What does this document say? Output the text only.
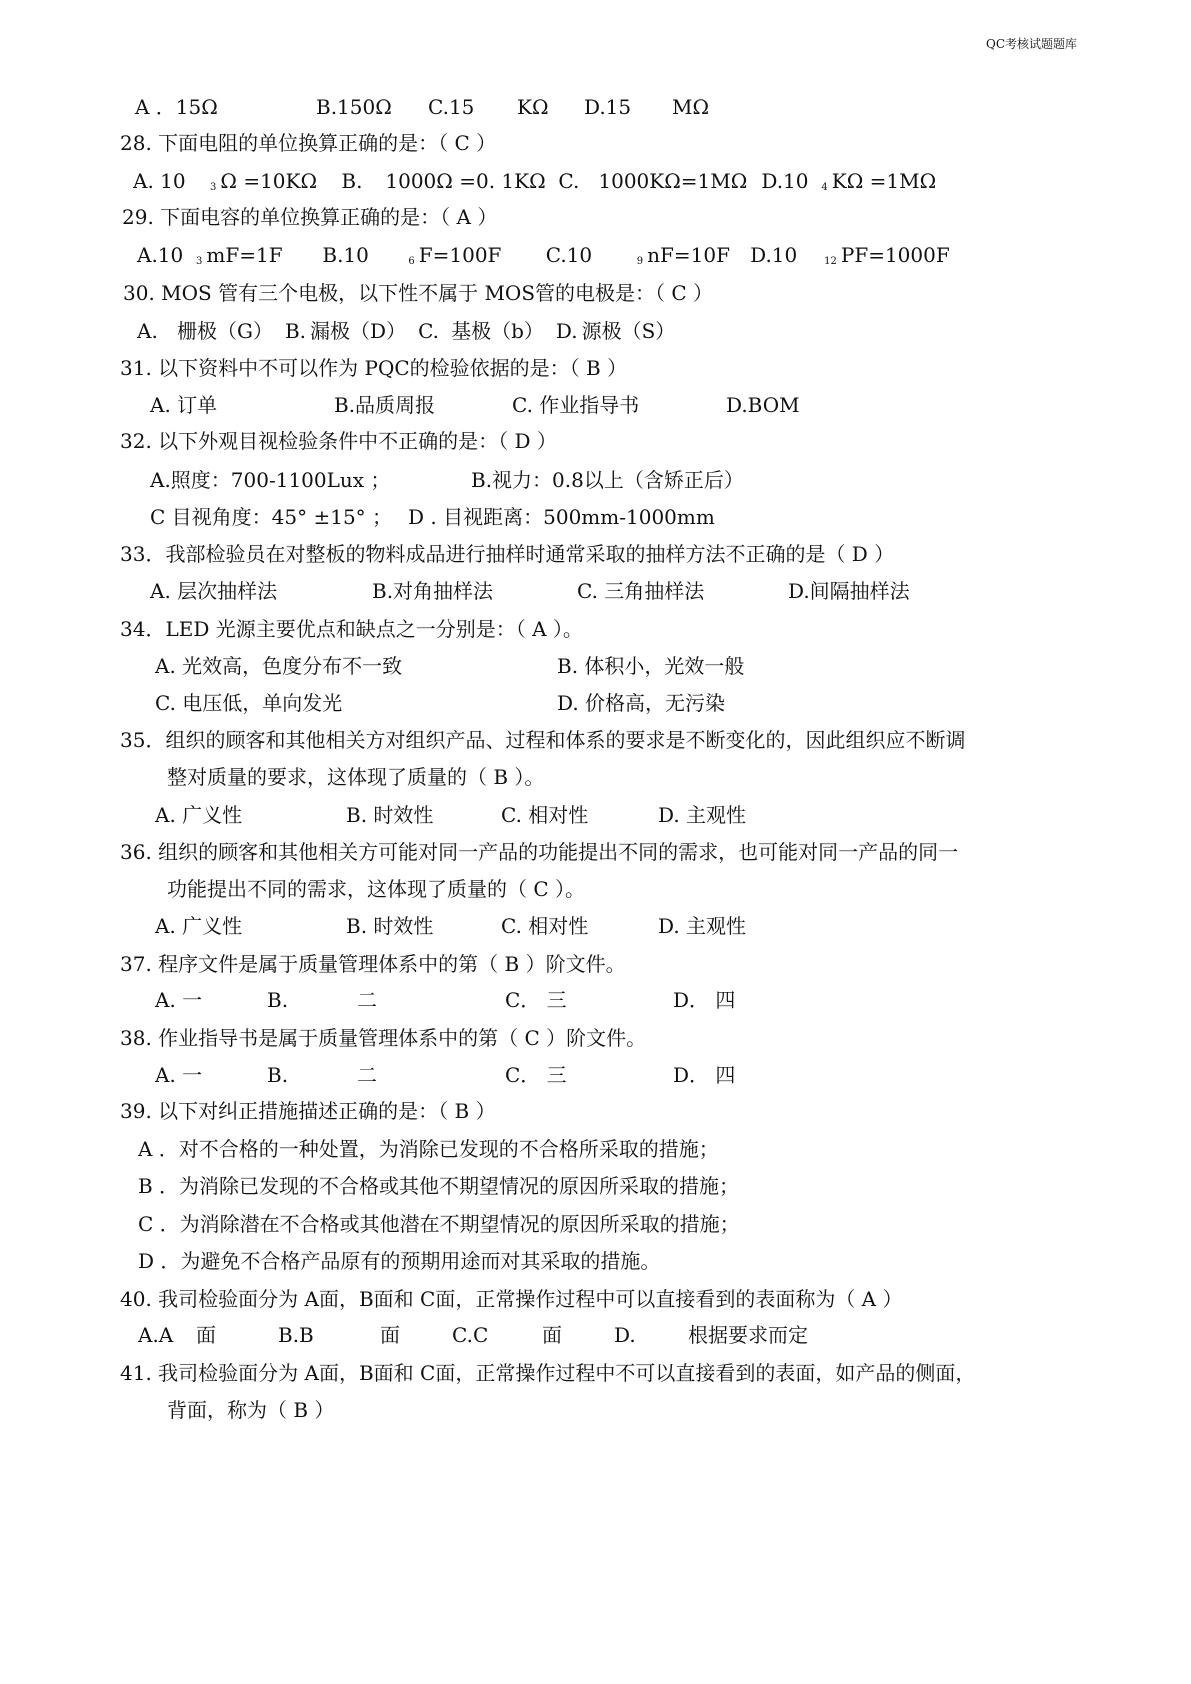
QC考核试题题库
A ．15Ω	B.150Ω	C.15	KΩ	D.15	MΩ
28. 下面电阻的单位换算正确的是：（ C ）
A. 10	3 Ω =10KΩ	B.	1000Ω =0. 1KΩ C. 1000KΩ=1MΩ D.10	4 KΩ =1MΩ
29. 下面电容的单位换算正确的是：（ A ）
A.10	3 mF=1F	B.10	6 F=100F	C.10	9 nF=10F	D.10	12 PF=1000F
30. MOS 管有三个电极，以下性不属于 MOS管的电极是：（ C ）
A. 栅极（G） B. 漏极（D） C. 基极（b） D. 源极（S）
31. 以下资料中不可以作为 PQC的检验依据的是：（ B ）
A. 订单	B.品质周报	C. 作业指导书	D.BOM
32. 以下外观目视检验条件中不正确的是：（ D ）
A.照度：700-1100Lux ；	B.视力：0.8以上（含矫正后）
C 目视角度：45° ±15° ； D . 目视距离：500mm-1000mm
33．我部检验员在对整板的物料成品进行抽样时通常采取的抽样方法不正确的是（ D ）
A. 层次抽样法	B.对角抽样法	C. 三角抽样法	D.间隔抽样法
34．LED 光源主要优点和缺点之一分别是：（ A ）。
A. 光效高，色度分布不一致	B. 体积小，光效一般
C. 电压低，单向发光	D. 价格高，无污染
35．组织的顾客和其他相关方对组织产品、过程和体系的要求是不断变化的，因此组织应不断调
整对质量的要求，这体现了质量的（ B ）。
A. 广义性	B. 时效性	C. 相对性	D. 主观性
36. 组织的顾客和其他相关方可能对同一产品的功能提出不同的需求，也可能对同一产品的同一
功能提出不同的需求，这体现了质量的（ C ）。
A. 广义性	B. 时效性	C. 相对性	D. 主观性
37. 程序文件是属于质量管理体系中的第（ B ）阶文件。
A. 一	B.	二	C． 三	D． 四
38. 作业指导书是属于质量管理体系中的第（ C ）阶文件。
A. 一	B.	二	C． 三	D． 四
39. 以下对纠正措施描述正确的是：（ B ）
A ．对不合格的一种处置，为消除已发现的不合格所采取的措施；
B ．为消除已发现的不合格或其他不期望情况的原因所采取的措施；
C ．为消除潜在不合格或其他潜在不期望情况的原因所采取的措施；
D ．为避免不合格产品原有的预期用途而对其采取的措施。
40. 我司检验面分为 A面，B面和 C面，正常操作过程中可以直接看到的表面称为（ A ）
A.A	面	B.B	面	C.C	面	D.	根据要求而定
41. 我司检验面分为 A面，B面和 C面，正常操作过程中不可以直接看到的表面，如产品的侧面，
背面，称为（ B ）
